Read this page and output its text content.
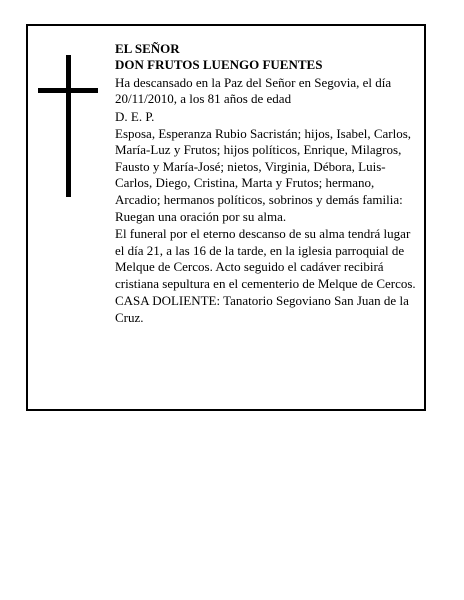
EL SEÑOR

DON FRUTOS LUENGO FUENTES

Ha descansado en la Paz del Señor en Segovia, el día 20/11/2010, a los 81 años de edad

D. E. P.

Esposa, Esperanza Rubio Sacristán; hijos, Isabel, Carlos, María-Luz y Frutos; hijos políticos, Enrique, Milagros, Fausto y María-José; nietos, Virginia, Débora, Luis-Carlos, Diego, Cristina, Marta y Frutos; hermano, Arcadio; hermanos políticos, sobrinos y demás familia:

Ruegan una oración por su alma.

El funeral por el eterno descanso de su alma tendrá lugar el día 21, a las 16 de la tarde, en la iglesia parroquial de Melque de Cercos. Acto seguido el cadáver recibirá cristiana sepultura en el cementerio de Melque de Cercos.

CASA DOLIENTE: Tanatorio Segoviano San Juan de la Cruz.
